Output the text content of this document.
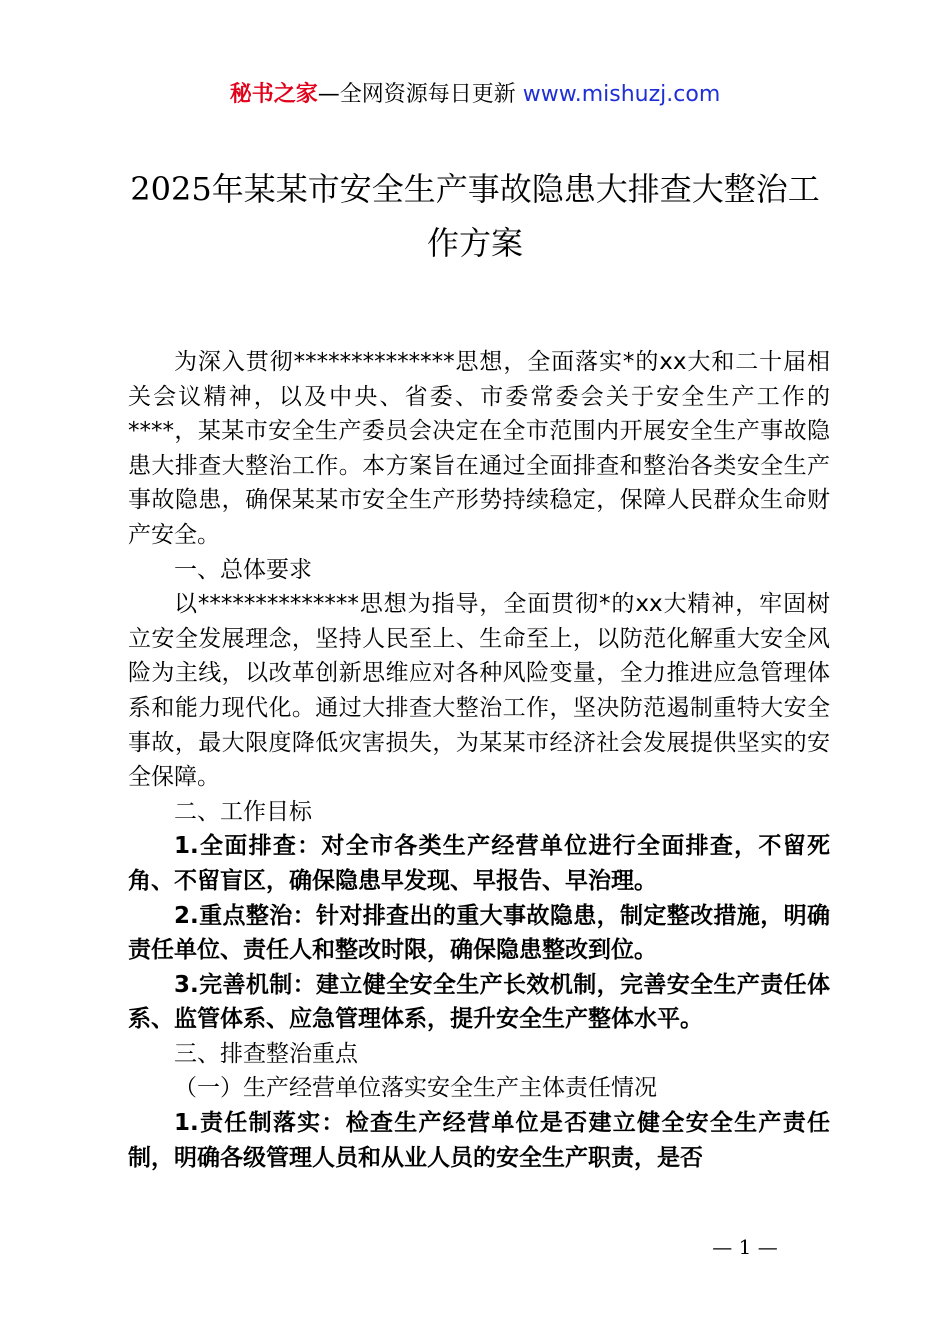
秘书之家—全网资源每日更新 www.mishuzj.com
2025年某某市安全生产事故隐患大排查大整治工作方案

为深入贯彻**************思想，全面落实*的xx大和二十届相关会议精神，以及中央、省委、市委常委会关于安全生产工作的****，某某市安全生产委员会决定在全市范围内开展安全生产事故隐患大排查大整治工作。本方案旨在通过全面排查和整治各类安全生产事故隐患，确保某某市安全生产形势持续稳定，保障人民群众生命财产安全。

一、总体要求

以**************思想为指导，全面贯彻*的xx大精神，牢固树立安全发展理念，坚持人民至上、生命至上，以防范化解重大安全风险为主线，以改革创新思维应对各种风险变量，全力推进应急管理体系和能力现代化。通过大排查大整治工作，坚决防范遏制重特大安全事故，最大限度降低灾害损失，为某某市经济社会发展提供坚实的安全保障。

二、工作目标

1.全面排查：对全市各类生产经营单位进行全面排查，不留死角、不留盲区，确保隐患早发现、早报告、早治理。

2.重点整治：针对排查出的重大事故隐患，制定整改措施，明确责任单位、责任人和整改时限，确保隐患整改到位。

3.完善机制：建立健全安全生产长效机制，完善安全生产责任体系、监管体系、应急管理体系，提升安全生产整体水平。

三、排查整治重点

（一）生产经营单位落实安全生产主体责任情况

1.责任制落实：检查生产经营单位是否建立健全安全生产责任制，明确各级管理人员和从业人员的安全生产职责，是否

— 1 —
